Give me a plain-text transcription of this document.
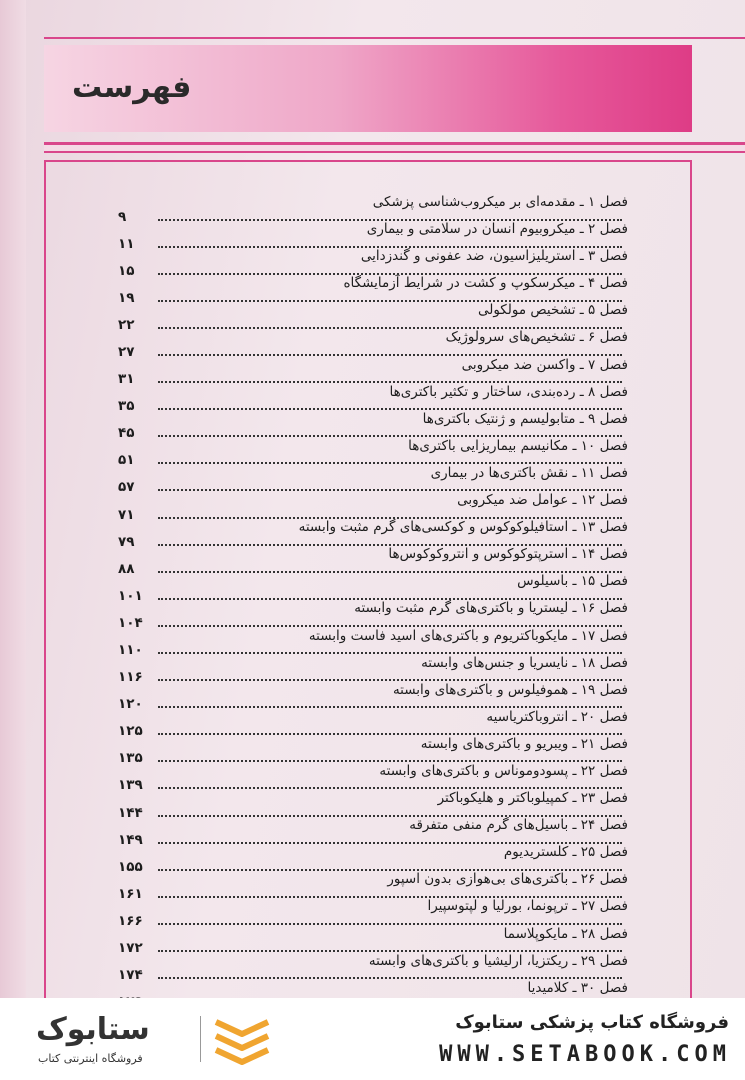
فهرست
فصل ۱ ـ مقدمه‌ای بر میکروب‌شناسی پزشکی
۹
فصل ۲ ـ میکروبیوم انسان در سلامتی و بیماری
۱۱
فصل ۳ ـ استریلیزاسیون، ضد عفونی و گندزدایی
۱۵
فصل ۴ ـ میکرسکوپ و کشت در شرایط آزمایشگاه
۱۹
فصل ۵ ـ تشخیص مولکولی
۲۲
فصل ۶ ـ تشخیص‌های سرولوژیک
۲۷
فصل ۷ ـ واکسن ضد میکروبی
۳۱
فصل ۸ ـ رده‌بندی، ساختار و تکثیر باکتری‌ها
۳۵
فصل ۹ ـ متابولیسم و ژنتیک باکتری‌ها
۴۵
فصل ۱۰ ـ مکانیسم بیماریزایی باکتری‌ها
۵۱
فصل ۱۱ ـ نقش باکتری‌ها در بیماری
۵۷
فصل ۱۲ ـ عوامل ضد میکروبی
۷۱
فصل ۱۳ ـ استافیلوکوکوس و کوکسی‌های گرم مثبت وابسته
۷۹
فصل ۱۴ ـ استرپتوکوکوس و انتروکوکوس‌ها
۸۸
فصل ۱۵ ـ باسیلوس
۱۰۱
فصل ۱۶ ـ لیستریا و باکتری‌های گرم مثبت وابسته
۱۰۴
فصل ۱۷ ـ مایکوباکتریوم و باکتری‌های اسید فاست وابسته
۱۱۰
فصل ۱۸ ـ نایسریا و جنس‌های وابسته
۱۱۶
فصل ۱۹ ـ هموفیلوس و باکتری‌های وابسته
۱۲۰
فصل ۲۰ ـ انتروباکتریاسیه
۱۲۵
فصل ۲۱ ـ ویبریو و باکتری‌های وابسته
۱۳۵
فصل ۲۲ ـ پسودوموناس و باکتری‌های وابسته
۱۳۹
فصل ۲۳ ـ کمپیلوباکتر و هلیکوباکتر
۱۴۴
فصل ۲۴ ـ باسیل‌های گرم منفی متفرقه
۱۴۹
فصل ۲۵ ـ کلستریدیوم
۱۵۵
فصل ۲۶ ـ باکتری‌های بی‌هوازی بدون اسپور
۱۶۱
فصل ۲۷ ـ ترپونما، بورلیا و لپتوسپیرا
۱۶۶
فصل ۲۸ ـ مایکوپلاسما
۱۷۲
فصل ۲۹ ـ ریکتزیا، ارلیشیا و باکتری‌های وابسته
۱۷۴
فصل ۳۰ ـ کلامیدیا
فروشگاه کتاب پزشکی ستابوک
WWW.SETABOOK.COM
ستابوک
فروشگاه اینترنتی کتاب
